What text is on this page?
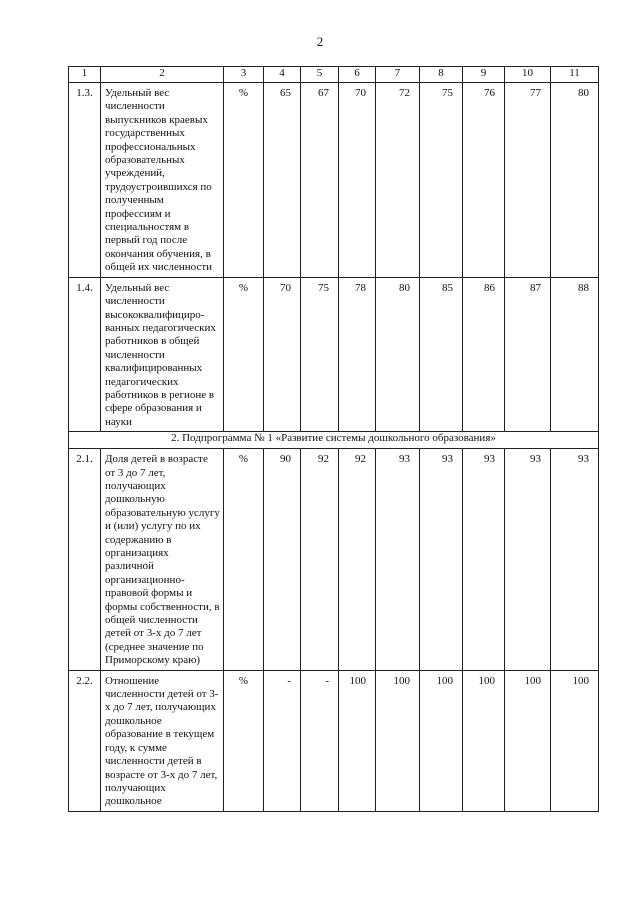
2
1	2	3	4	5	6	7	8	9	10	11
1.3.	Удельный вес численности выпускников краевых государственных профессиональных образовательных учреждений, трудоустроившихся по полученным профессиям и специальностям в первый год после окончания обучения, в общей их численности	%	65	67	70	72	75	76	77	80
1.4.	Удельный вес численности высококвалифициро-ванных педагогических работников в общей численности квалифицированных педагогических работников в регионе в сфере образования и науки	%	70	75	78	80	85	86	87	88
2. Подпрограмма № 1 «Развитие системы дошкольного образования»										
2.1.	Доля детей в возрасте от 3 до 7 лет, получающих дошкольную образовательную услугу и (или) услугу по их содержанию в организациях различной организационно-правовой формы и формы собственности, в общей численности детей от 3-х до 7 лет (среднее значение по Приморскому краю)	%	90	92	92	93	93	93	93	93
2.2.	Отношение численности детей от 3-х до 7 лет, получающих дошкольное образование в текущем году, к сумме численности детей в возрасте от 3-х до 7 лет, получающих дошкольное	%	-	-	100	100	100	100	100	100
